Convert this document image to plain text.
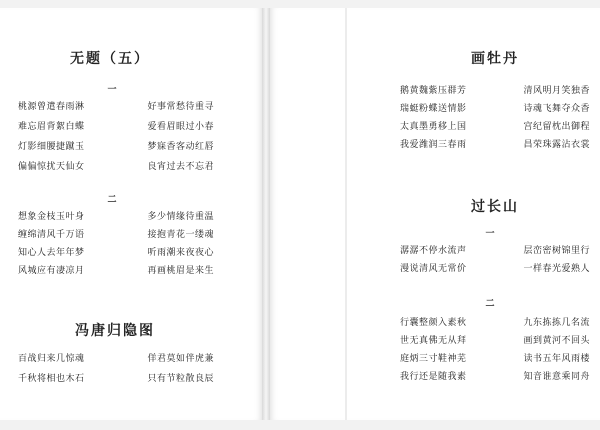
无题（五）
一
桃源曾遣春雨淋	好事常愁待重寻
难忘眉背絮白蝶	爱看眉眼过小春
灯影细腰捷蹴玉	梦寐香客动红唇
偏偏惊扰天仙女	良宵过去不忘君
二
想象金枝玉叶身	多少情缘待重温
缠绵清风千万语	接抱青花一缕魂
知心人去年年梦	听雨潮来夜夜心
风城应有凄凉月	再画桃眉是来生
冯唐归隐图
百战归来几惊魂	佯君莫如伴虎兼
千秋将相也木石	只有节粒散良辰
画牡丹
鹅黄魏紫压群芳	清风明月笑独香
瑞蜓粉蝶送情影	诗魂飞舞夺众香
太真墨勇移上国	宫纪留枕出御程
我爱潍润三春雨	昌荣珠露沾衣裳
过长山
一
潺潺不停水流声	层峦密树锦里行
漫说清风无常价	一样春光爱熟人
二
行囊整颜入素秋	九东拣拣几名流
世无真佛无从拜	画到黄河不回头
庭炳三寸鞋神芜	读书五年风雨楼
我行还是随我素	知音谁意乘同舟
